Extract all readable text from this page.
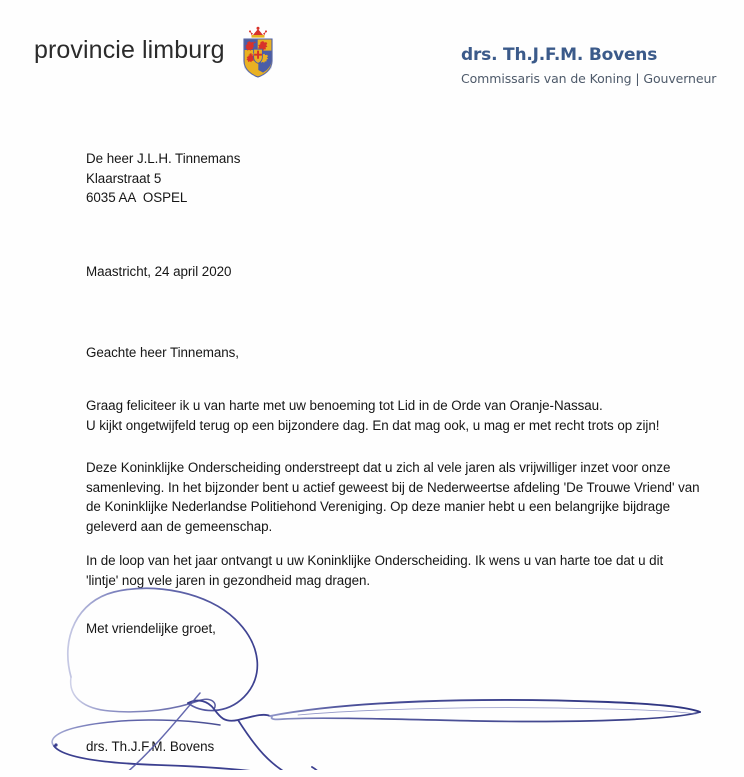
provincie limburg	u u	drs. Th.J.F.M. Bovens
Commissaris van de Koning | Gouverneur
De heer J.L.H. Tinnemans
Klaarstraat 5
6035 AA  OSPEL
Maastricht, 24 april 2020
Geachte heer Tinnemans,
Graag feliciteer ik u van harte met uw benoeming tot Lid in de Orde van Oranje-Nassau.
U kijkt ongetwijfeld terug op een bijzondere dag. En dat mag ook, u mag er met recht trots op zijn!
Deze Koninklijke Onderscheiding onderstreept dat u zich al vele jaren als vrijwilliger inzet voor onze samenleving. In het bijzonder bent u actief geweest bij de Nederweertse afdeling 'De Trouwe Vriend' van de Koninklijke Nederlandse Politiehond Vereniging. Op deze manier hebt u een belangrijke bijdrage geleverd aan de gemeenschap.
In de loop van het jaar ontvangt u uw Koninklijke Onderscheiding. Ik wens u van harte toe dat u dit 'lintje' nog vele jaren in gezondheid mag dragen.
Met vriendelijke groet,
drs. Th.J.F.M. Bovens
